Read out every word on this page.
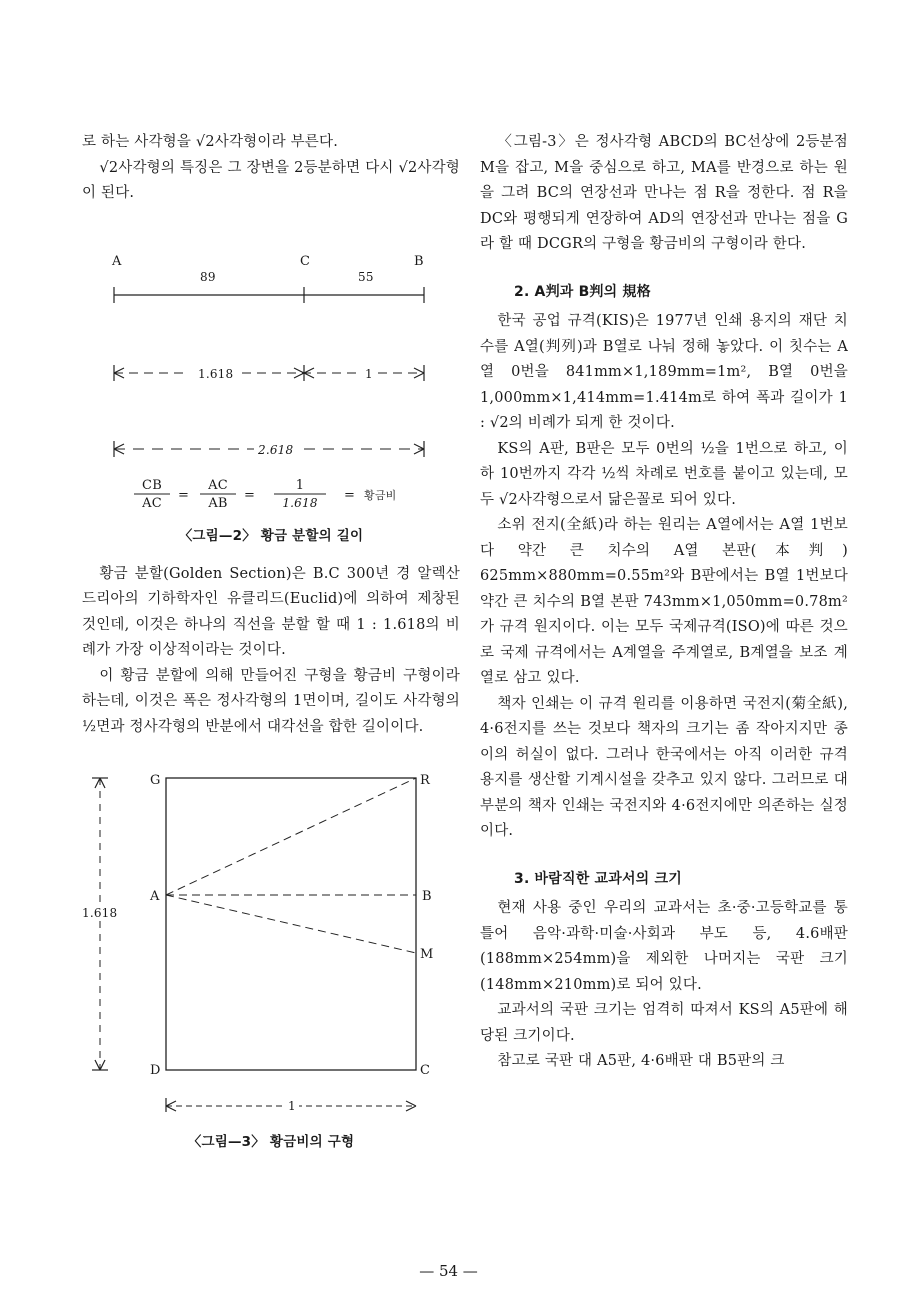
로 하는 사각형을 √2사각형이라 부른다.

√2사각형의 특징은 그 장변을 2등분하면 다시 √2사각형이 된다.

A	C	B
89	55
1.618	1
2.618
CB
AC
=
AC
AB
=
1
1.618 = 황금비

〈그림—2〉 황금 분할의 길이

황금 분할(Golden Section)은 B.C 300년 경 알렉산드리아의 기하학자인 유클리드(Euclid)에 의하여 제창된 것인데, 이것은 하나의 직선을 분할 할 때 1 : 1.618의 비례가 가장 이상적이라는 것이다.

이 황금 분할에 의해 만들어진 구형을 황금비 구형이라 하는데, 이것은 폭은 정사각형의 1면이며, 길이도 사각형의 ½면과 정사각형의 반분에서 대각선을 합한 길이이다.

G	R
A	B
M
D	C
1.618
1

〈그림—3〉 황금비의 구형

〈그림-3〉은 정사각형 ABCD의 BC선상에 2등분점 M을 잡고, M을 중심으로 하고, MA를 반경으로 하는 원을 그려 BC의 연장선과 만나는 점 R을 정한다. 점 R을 DC와 평행되게 연장하여 AD의 연장선과 만나는 점을 G라 할 때 DCGR의 구형을 황금비의 구형이라 한다.

2. A判과 B判의 規格

한국 공업 규격(KIS)은 1977년 인쇄 용지의 재단 치수를 A열(判列)과 B열로 나눠 정해 놓았다. 이 칫수는 A열 0번을 841mm×1,189mm=1m², B열 0번을 1,000mm×1,414mm=1.414m로 하여 폭과 길이가 1 : √2의 비례가 되게 한 것이다.

KS의 A판, B판은 모두 0번의 ½을 1번으로 하고, 이하 10번까지 각각 ½씩 차례로 번호를 붙이고 있는데, 모두 √2사각형으로서 닮은꼴로 되어 있다.

소위 전지(全紙)라 하는 원리는 A열에서는 A열 1번보다 약간 큰 치수의 A열 본판(本判) 625mm×880mm=0.55m²와 B판에서는 B열 1번보다 약간 큰 치수의 B열 본판 743mm×1,050mm=0.78m²가 규격 원지이다. 이는 모두 국제규격(ISO)에 따른 것으로 국제 규격에서는 A계열을 주계열로, B계열을 보조 계열로 삼고 있다.

책자 인쇄는 이 규격 원리를 이용하면 국전지(菊全紙), 4·6전지를 쓰는 것보다 책자의 크기는 좀 작아지지만 종이의 허실이 없다. 그러나 한국에서는 아직 이러한 규격 용지를 생산할 기계시설을 갖추고 있지 않다. 그러므로 대부분의 책자 인쇄는 국전지와 4·6전지에만 의존하는 실정이다.

3. 바람직한 교과서의 크기

현재 사용 중인 우리의 교과서는 초·중·고등학교를 통틀어 음악·과학·미술·사회과 부도 등, 4.6배판(188mm×254mm)을 제외한 나머지는 국판 크기(148mm×210mm)로 되어 있다.

교과서의 국판 크기는 엄격히 따져서 KS의 A5판에 해당된 크기이다.

참고로 국판 대 A5판, 4·6배판 대 B5판의 크

— 54 —
